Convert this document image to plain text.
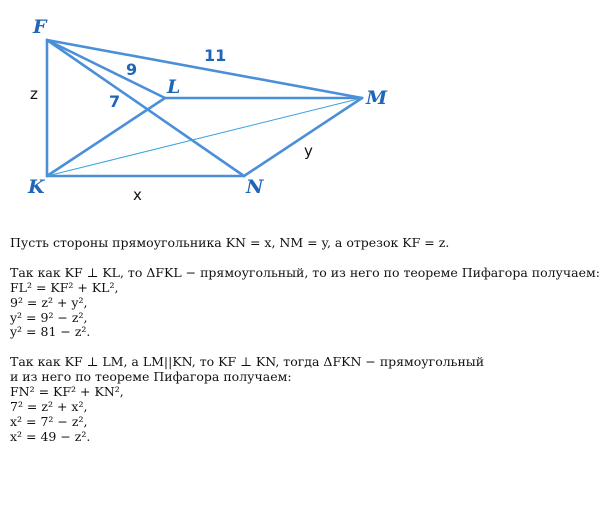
F
L	M
K	N
11
9
7
z
x
y
Пусть стороны прямоугольника KN = x, NM = y, а отрезок KF = z.
Так как KF ⊥ KL, то ΔFKL − прямоугольный, то из него по теореме Пифагора получаем:
FL² = KF² + KL²,
9² = z² + y²,
y² = 9² − z²,
y² = 81 − z².
Так как KF ⊥ LM, а LM||KN, то KF ⊥ KN, тогда ΔFKN − прямоугольный
и из него по теореме Пифагора получаем:
FN² = KF² + KN²,
7² = z² + x²,
x² = 7² − z²,
x² = 49 − z².
